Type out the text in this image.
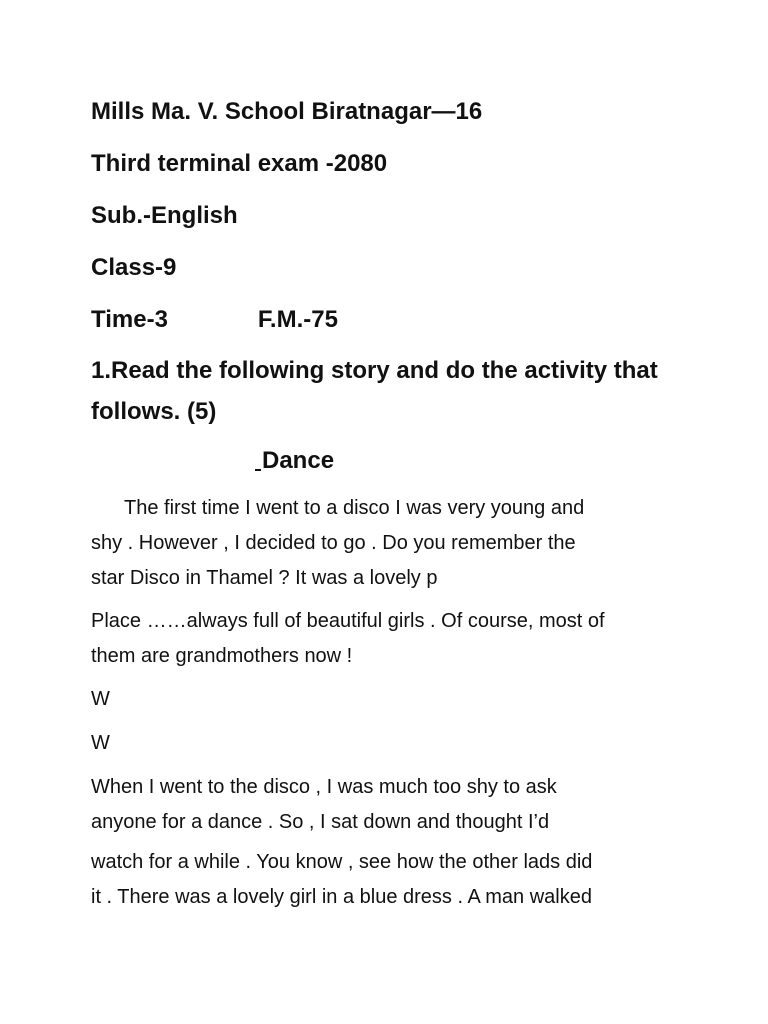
Mills Ma. V. School Biratnagar—16

Third terminal exam -2080

Sub.-English

Class-9

Time-3	F.M.-75

1.Read the following story and do the activity that follows. (5)

Dance

The first time I went to a disco I was very young and
shy . However , I decided to go . Do you remember the
star Disco in Thamel ? It was a lovely p

Place ……always full of beautiful girls . Of course, most of
them are grandmothers now !

W

W

When I went to the disco , I was much too shy to ask
anyone for a dance . So , I sat down and thought I’d

watch for a while . You know , see how the other lads did
it . There was a lovely girl in a blue dress . A man walked
